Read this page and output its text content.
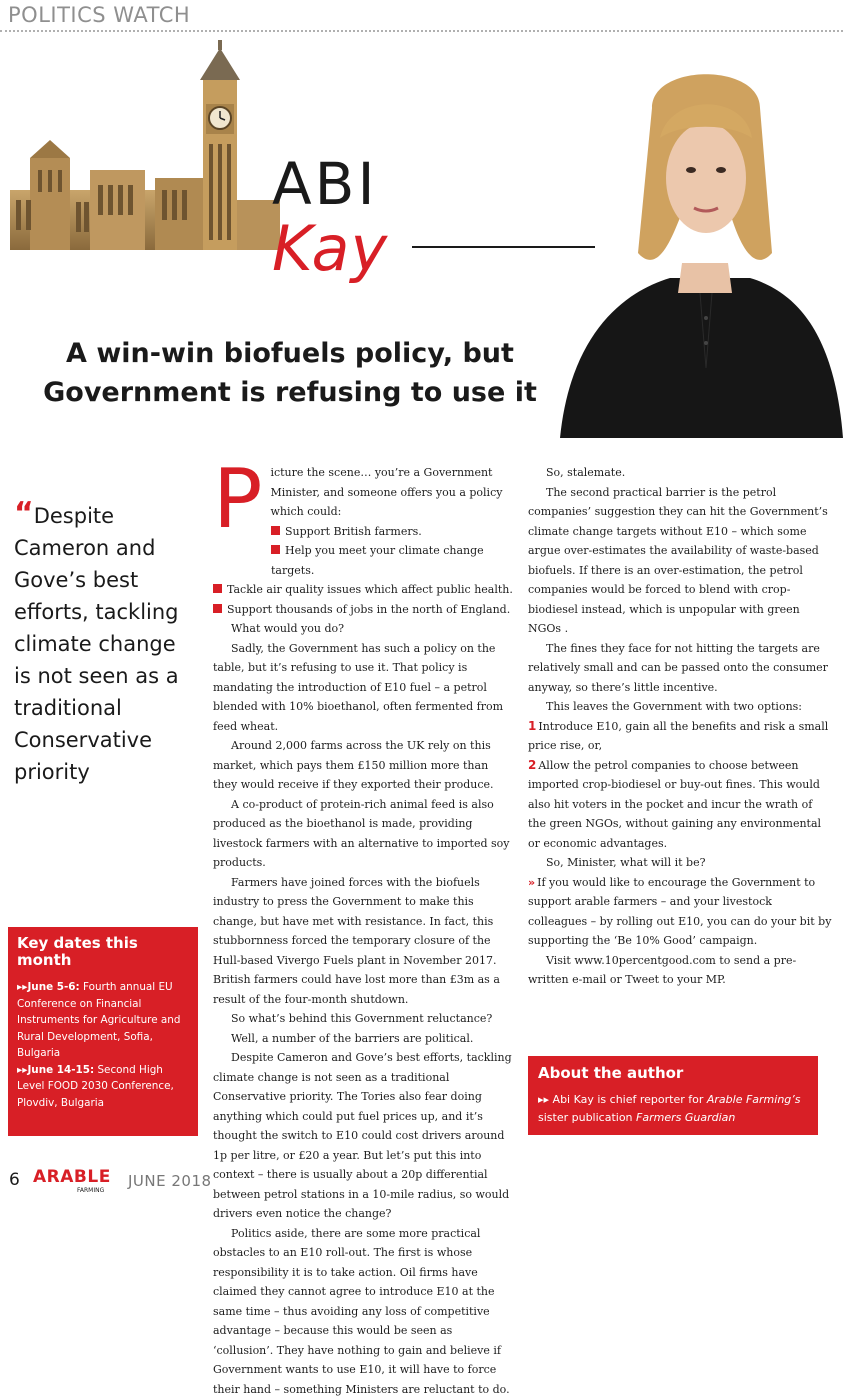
POLITICS WATCH
ABI
Kay
A win-win biofuels policy, but
Government is refusing to use it
“Despite Cameron and Gove’s best efforts, tackling climate change is not seen as a traditional Conservative priority
Key dates this month

▸▸June 5-6: Fourth annual EU Conference on Financial Instruments for Agriculture and Rural Development, Sofia, Bulgaria

▸▸June 14-15: Second High Level FOOD 2030 Conference, Plovdiv, Bulgaria

Picture the scene… you’re a Government Minister, and someone offers you a policy which could:

Support British farmers.

Help you meet your climate change targets.

Tackle air quality issues which affect public health.

Support thousands of jobs in the north of England.

What would you do?

Sadly, the Government has such a policy on the table, but it’s refusing to use it. That policy is mandating the introduction of E10 fuel – a petrol blended with 10% bioethanol, often fermented from feed wheat.

Around 2,000 farms across the UK rely on this market, which pays them £150 million more than they would receive if they exported their produce.

A co-product of protein-rich animal feed is also produced as the bioethanol is made, providing livestock farmers with an alternative to imported soy products.

Farmers have joined forces with the biofuels industry to press the Government to make this change, but have met with resistance. In fact, this stubbornness forced the temporary closure of the Hull-based Vivergo Fuels plant in November 2017. British farmers could have lost more than £3m as a result of the four-month shutdown.

So what’s behind this Government reluctance?

Well, a number of the barriers are political.

Despite Cameron and Gove’s best efforts, tackling climate change is not seen as a traditional Conservative priority. The Tories also fear doing anything which could put fuel prices up, and it’s thought the switch to E10 could cost drivers around 1p per litre, or £20 a year. But let’s put this into context – there is usually about a 20p differential between petrol stations in a 10-mile radius, so would drivers even notice the change?

Politics aside, there are some more practical obstacles to an E10 roll-out. The first is whose responsibility it is to take action. Oil firms have claimed they cannot agree to introduce E10 at the same time – thus avoiding any loss of competitive advantage – because this would be seen as ‘collusion’. They have nothing to gain and believe if Government wants to use E10, it will have to force their hand – something Ministers are reluctant to do.

So, stalemate.

The second practical barrier is the petrol companies’ suggestion they can hit the Government’s climate change targets without E10 – which some argue over-estimates the availability of waste-based biofuels. If there is an over-estimation, the petrol companies would be forced to blend with crop-biodiesel instead, which is unpopular with green NGOs .

The fines they face for not hitting the targets are relatively small and can be passed onto the consumer anyway, so there’s little incentive.

This leaves the Government with two options:

1 Introduce E10, gain all the benefits and risk a small price rise, or,

2 Allow the petrol companies to choose between imported crop-biodiesel or buy-out fines. This would also hit voters in the pocket and incur the wrath of the green NGOs, without gaining any environmental or economic advantages.

So, Minister, what will it be?

» If you would like to encourage the Government to support arable farmers – and your livestock colleagues – by rolling out E10, you can do your bit by supporting the ‘Be 10% Good’ campaign.

Visit www.10percentgood.com to send a pre-written e-mail or Tweet to your MP.

About the author

▸▸ Abi Kay is chief reporter for Arable Farming’s sister publication Farmers Guardian

6 ARABLE
FARMING
JUNE 2018
